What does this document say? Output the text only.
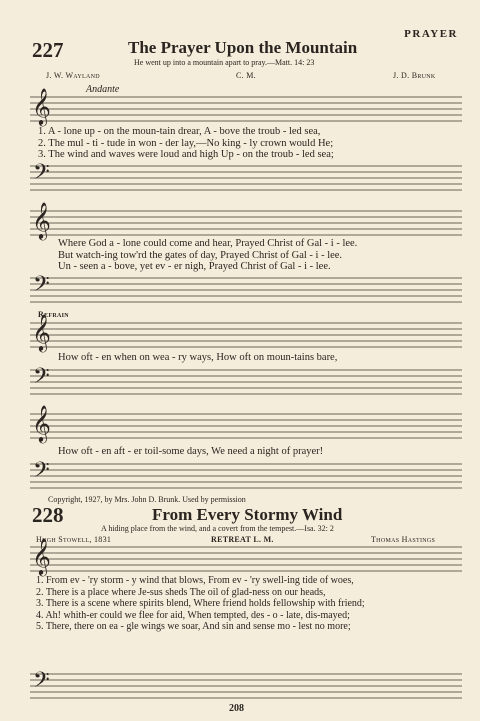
PRAYER
227	The Prayer Upon the Mountain
He went up into a mountain apart to pray.—Matt. 14: 23
J. W. Wayland	C. M.	J. D. Brunk
Andante
𝄞
1. A - lone up - on the moun-tain drear, A - bove the troub - led sea,
2. The mul - ti - tude in won - der lay,—No king - ly crown would He;
3. The wind and waves were loud and high Up - on the troub - led sea;
𝄢
𝄞
Where God a - lone could come and hear, Prayed Christ of Gal - i - lee.
But watch-ing tow'rd the gates of day, Prayed Christ of Gal - i - lee.
Un - seen a - bove, yet ev - er nigh, Prayed Christ of Gal - i - lee.
𝄢
Refrain
𝄞
How oft - en when on wea - ry ways, How oft on moun-tains bare,
𝄢
𝄞
How oft - en aft - er toil-some days, We need a night of prayer!
𝄢
Copyright, 1927, by Mrs. John D. Brunk. Used by permission
228	From Every Stormy Wind
A hiding place from the wind, and a covert from the tempest.—Isa. 32: 2
Hugh Stowell, 1831	RETREAT L. M.	Thomas Hastings
𝄞
1. From ev - 'ry storm - y wind that blows, From ev - 'ry swell-ing tide of woes,
2. There is a place where Je-sus sheds The oil of glad-ness on our heads,
3. There is a scene where spirits blend, Where friend holds fellowship with friend;
4. Ah! whith-er could we flee for aid, When tempted, des - o - late, dis-mayed;
5. There, there on ea - gle wings we soar, And sin and sense mo - lest no more;
𝄢
208
